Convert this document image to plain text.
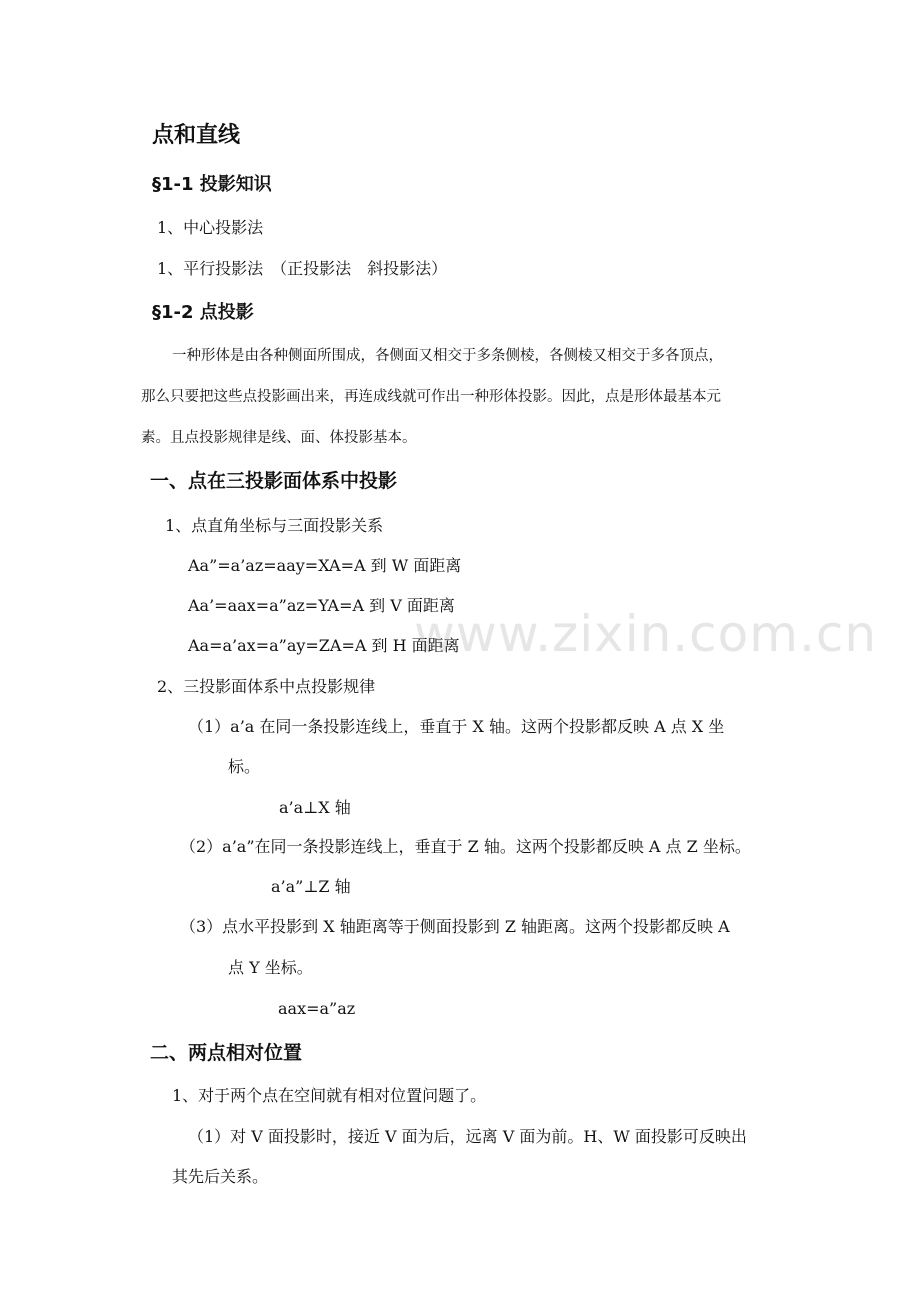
www.zixin.com.cn
点和直线
§1-1 投影知识
1、中心投影法
1、平行投影法　（正投影法　斜投影法）
§1-2 点投影
一种形体是由各种侧面所围成，各侧面又相交于多条侧棱，各侧棱又相交于多各顶点，
那么只要把这些点投影画出来，再连成线就可作出一种形体投影。因此，点是形体最基本元
素。且点投影规律是线、面、体投影基本。
一、点在三投影面体系中投影
1、点直角坐标与三面投影关系
Aa”=a’az=aay=XA=A 到 W 面距离
Aa’=aax=a”az=YA=A 到 V 面距离
Aa=a’ax=a”ay=ZA=A 到 H 面距离
2、三投影面体系中点投影规律
（1）a’a 在同一条投影连线上，垂直于 X 轴。这两个投影都反映 A 点 X 坐
标。
a’a⊥X 轴
（2）a’a”在同一条投影连线上，垂直于 Z 轴。这两个投影都反映 A 点 Z 坐标。
a’a”⊥Z 轴
（3）点水平投影到 X 轴距离等于侧面投影到 Z 轴距离。这两个投影都反映 A
点 Y 坐标。
aax=a”az
二、两点相对位置
1、对于两个点在空间就有相对位置问题了。
（1）对 V 面投影时，接近 V 面为后，远离 V 面为前。H、W 面投影可反映出
其先后关系。
